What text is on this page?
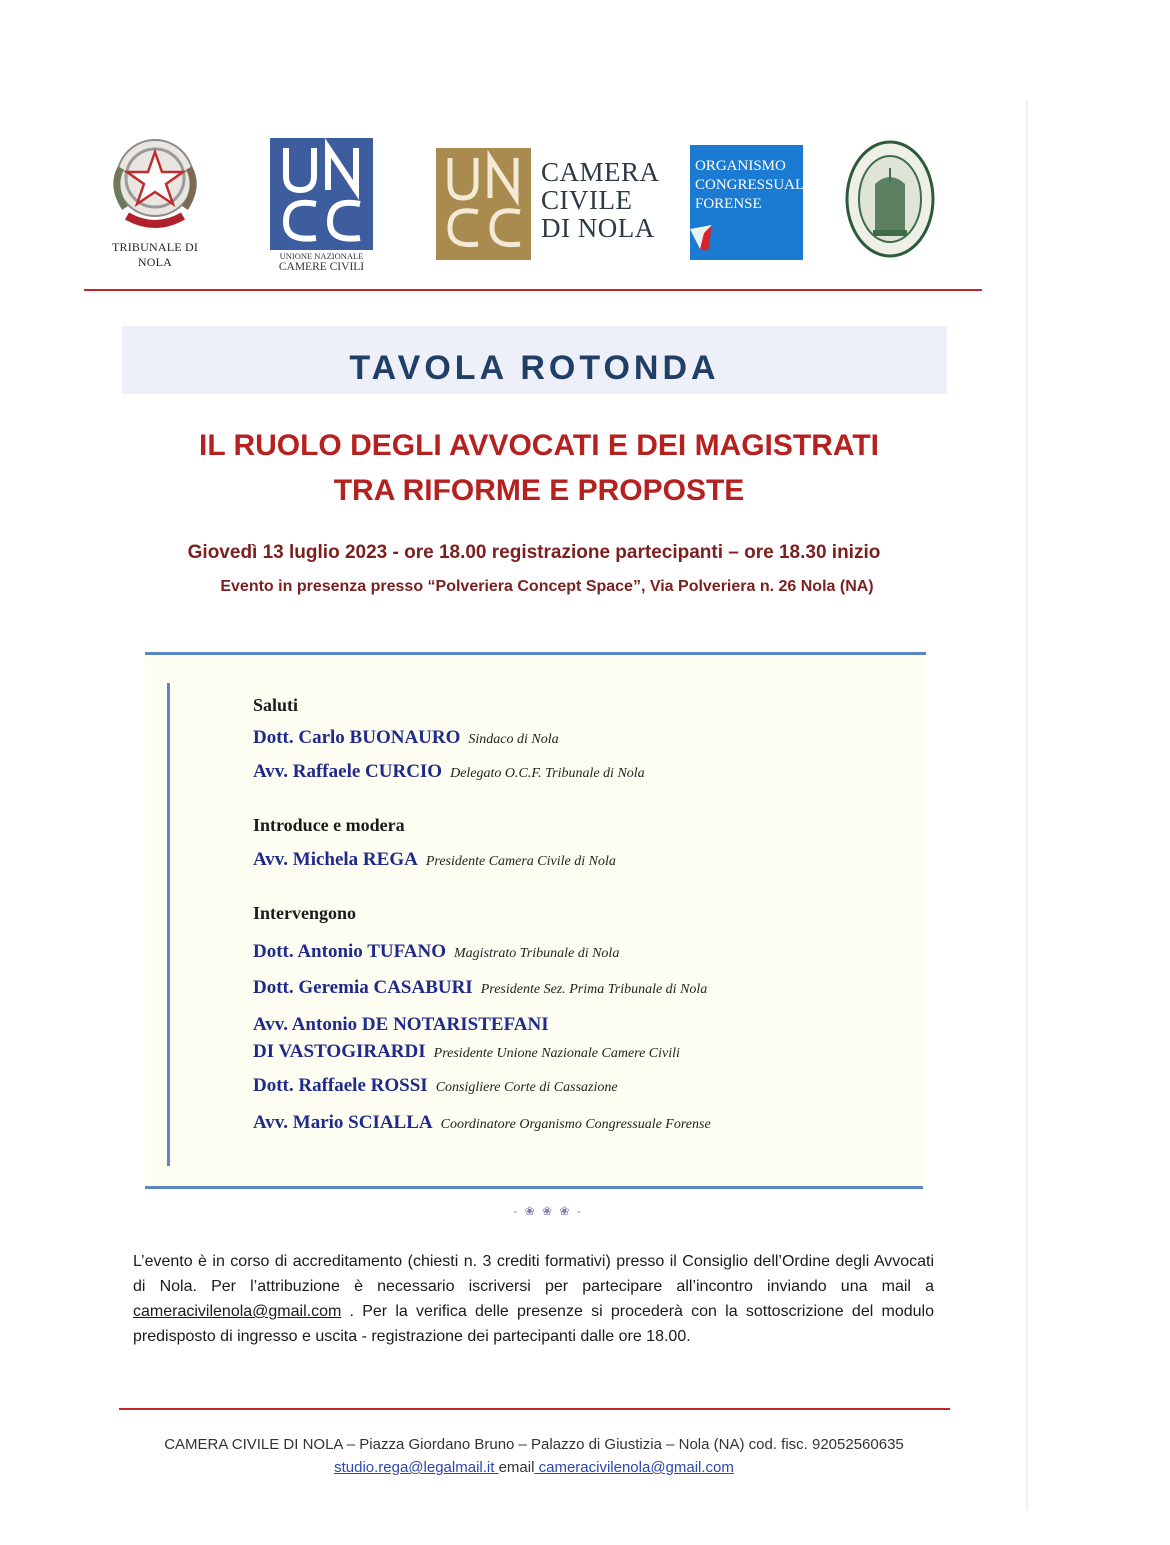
TRIBUNALE DI NOLA	UNIONE NAZIONALE
CAMERE CIVILI
CAMERA
CIVILE
DI NOLA
ORGANISMO
CONGRESSUALE
FORENSE
TAVOLA ROTONDA
IL RUOLO DEGLI AVVOCATI E DEI MAGISTRATI
TRA RIFORME E PROPOSTE
Giovedì 13 luglio 2023 - ore 18.00 registrazione partecipanti – ore 18.30 inizio
Evento in presenza presso “Polveriera Concept Space”, Via Polveriera n. 26 Nola (NA)
Saluti
Dott. Carlo BUONAURO Sindaco di Nola
Avv. Raffaele CURCIO Delegato O.C.F. Tribunale di Nola
Introduce e modera
Avv. Michela REGA Presidente Camera Civile di Nola
Intervengono
Dott. Antonio TUFANO Magistrato Tribunale di Nola
Dott. Geremia CASABURI Presidente Sez. Prima Tribunale di Nola
Avv. Antonio DE NOTARISTEFANI
DI VASTOGIRARDI Presidente Unione Nazionale Camere Civili
Dott. Raffaele ROSSI Consigliere Corte di Cassazione
Avv. Mario SCIALLA Coordinatore Organismo Congressuale Forense
- ❀ ❀ ❀ -
L’evento è in corso di accreditamento (chiesti n. 3 crediti formativi) presso il Consiglio dell’Ordine degli Avvocati di Nola. Per l’attribuzione è necessario iscriversi per partecipare all’incontro inviando una mail a cameracivilenola@gmail.com . Per la verifica delle presenze si procederà con la sottoscrizione del modulo predisposto di ingresso e uscita - registrazione dei partecipanti dalle ore 18.00.
CAMERA CIVILE DI NOLA – Piazza Giordano Bruno – Palazzo di Giustizia – Nola (NA) cod. fisc. 92052560635
studio.rega@legalmail.it email cameracivilenola@gmail.com
